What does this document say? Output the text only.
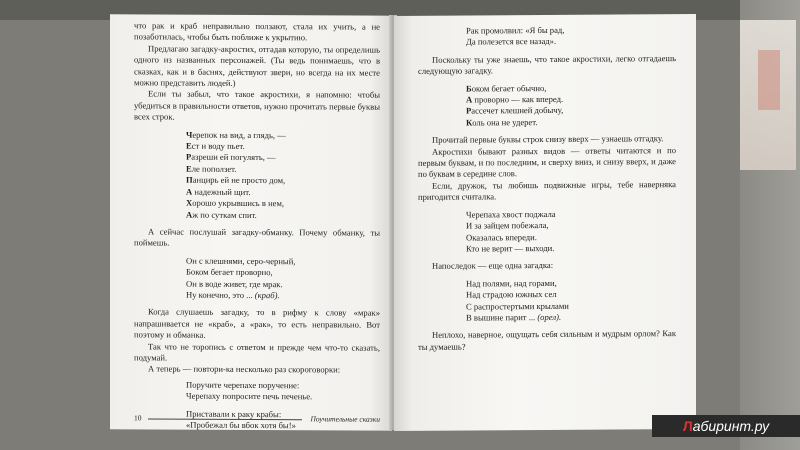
что рак и краб неправильно ползают, стала их учить, а не позаботилась, чтобы быть поближе к укрытию.

Предлагаю загадку-акростих, отгадав которую, ты определишь одного из названных персонажей. (Ты ведь понимаешь, что в сказках, как и в баснях, действуют звери, но всегда на их месте можно представить людей.)

Если ты забыл, что такое акростихи, я напомню: чтобы убедиться в правильности ответов, нужно прочитать первые буквы всех строк.

Черепок на вид, а глядь, —
Ест и воду пьет.
Разреши ей погулять, —
Еле поползет.
Панцирь ей не просто дом,
А надежный щит.
Хорошо укрывшись в нем,
Аж по суткам спит.

А сейчас послушай загадку-обманку. Почему обманку, ты поймешь.

Он с клешнями, серо-черный,
Боком бегает проворно,
Он в воде живет, где мрак.
Ну конечно, это ... (краб).

Когда слушаешь загадку, то в рифму к слову «мрак» напрашивается не «краб», а «рак», то есть неправильно. Вот поэтому и обманка.

Так что не торопись с ответом и прежде чем что-то сказать, подумай.

А теперь — повтори-ка несколько раз скороговорки:

Поручите черепахе поручение:
Черепаху попросите печь печенье.
Приставали к раку крабы:
«Пробежал бы вбок хотя бы!»
10	Поучительные сказки
Рак промолвил: «Я бы рад,
Да полезется все назад».

Поскольку ты уже знаешь, что такое акростихи, легко отгадаешь следующую загадку.

Боком бегает обычно,
А проворно — как вперед.
Рассечет клешней добычу,
Коль она не удерет.

Прочитай первые буквы строк снизу вверх — узнаешь отгадку.

Акростихи бывают разных видов — ответы читаются и по первым буквам, и по последним, и сверху вниз, и снизу вверх, и даже по буквам в середине слов.

Если, дружок, ты любишь подвижные игры, тебе наверняка пригодится считалка.

Черепаха хвост поджала
И за зайцем побежала,
Оказалась впереди.
Кто не верит — выходи.

Напоследок — еще одна загадка:

Над полями, над горами,
Над страдою южных сел
С распростертыми крылами
В вышине парит ... (орел).

Неплохо, наверное, ощущать себя сильным и мудрым орлом? Как ты думаешь?

Лабиринт.ру
